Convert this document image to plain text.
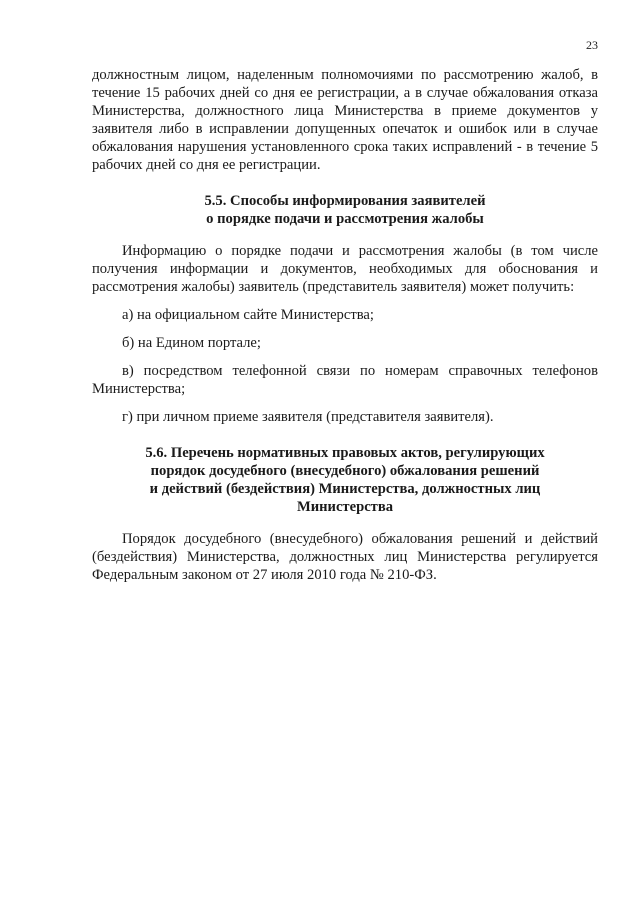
23

должностным лицом, наделенным полномочиями по рассмотрению жалоб, в течение 15 рабочих дней со дня ее регистрации, а в случае обжалования отказа Министерства, должностного лица Министерства в приеме документов у заявителя либо в исправлении допущенных опечаток и ошибок или в случае обжалования нарушения установленного срока таких исправлений - в течение 5 рабочих дней со дня ее регистрации.

5.5. Способы информирования заявителей
о порядке подачи и рассмотрения жалобы

Информацию о порядке подачи и рассмотрения жалобы (в том числе получения информации и документов, необходимых для обоснования и рассмотрения жалобы) заявитель (представитель заявителя) может получить:

а) на официальном сайте Министерства;

б) на Едином портале;

в) посредством телефонной связи по номерам справочных телефонов Министерства;

г) при личном приеме заявителя (представителя заявителя).

5.6. Перечень нормативных правовых актов, регулирующих
порядок досудебного (внесудебного) обжалования решений
и действий (бездействия) Министерства, должностных лиц
Министерства

Порядок досудебного (внесудебного) обжалования решений и действий (бездействия) Министерства, должностных лиц Министерства регулируется Федеральным законом от 27 июля 2010 года № 210-ФЗ.
